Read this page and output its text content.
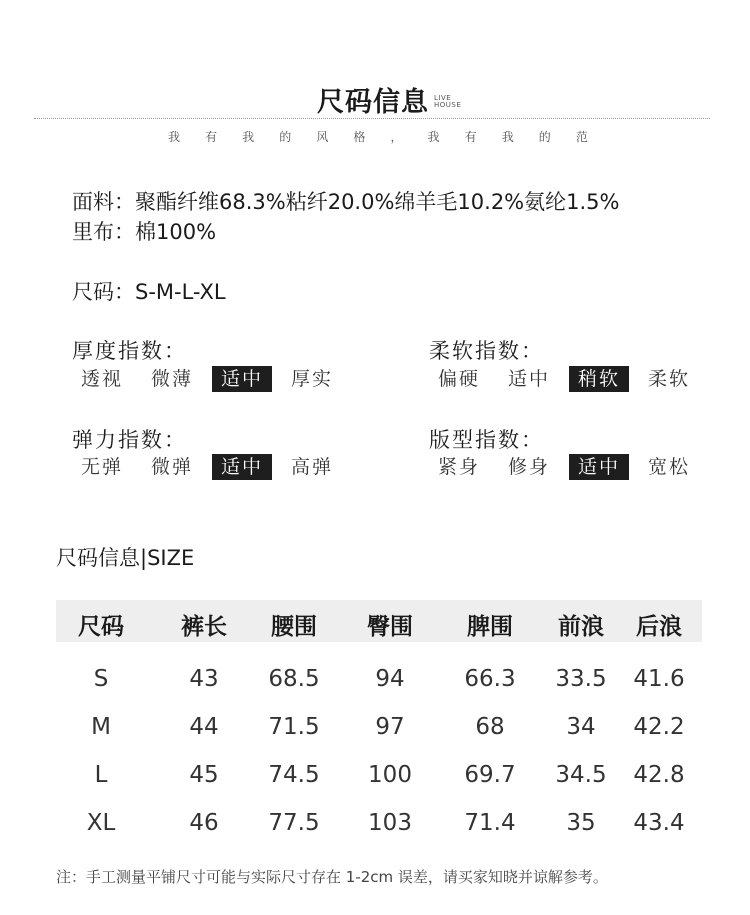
尺码信息 LIVE
HOUSE
我 有 我 的 风 格 ， 我 有 我 的 范
面料：聚酯纤维68.3%粘纤20.0%绵羊毛10.2%氨纶1.5%
里布：棉100%
尺码：S-M-L-XL
厚度指数：
透视	微薄	适中	厚实
柔软指数：
偏硬	适中	稍软	柔软
弹力指数：
无弹	微弹	适中	高弹
版型指数：
紧身	修身	适中	宽松
尺码信息|SIZE
尺码 裤长 腰围 臀围 脾围 前浪 后浪
S	43 68.5 94	66.3 33.5 41.6
M	44 71.5 97	68	34 42.2
L	45 74.5 100 69.7 34.5 42.8
XL	46 77.5 103 71.4 35 43.4
注：手工测量平铺尺寸可能与实际尺寸存在 1-2cm 误差，请买家知晓并谅解参考。
